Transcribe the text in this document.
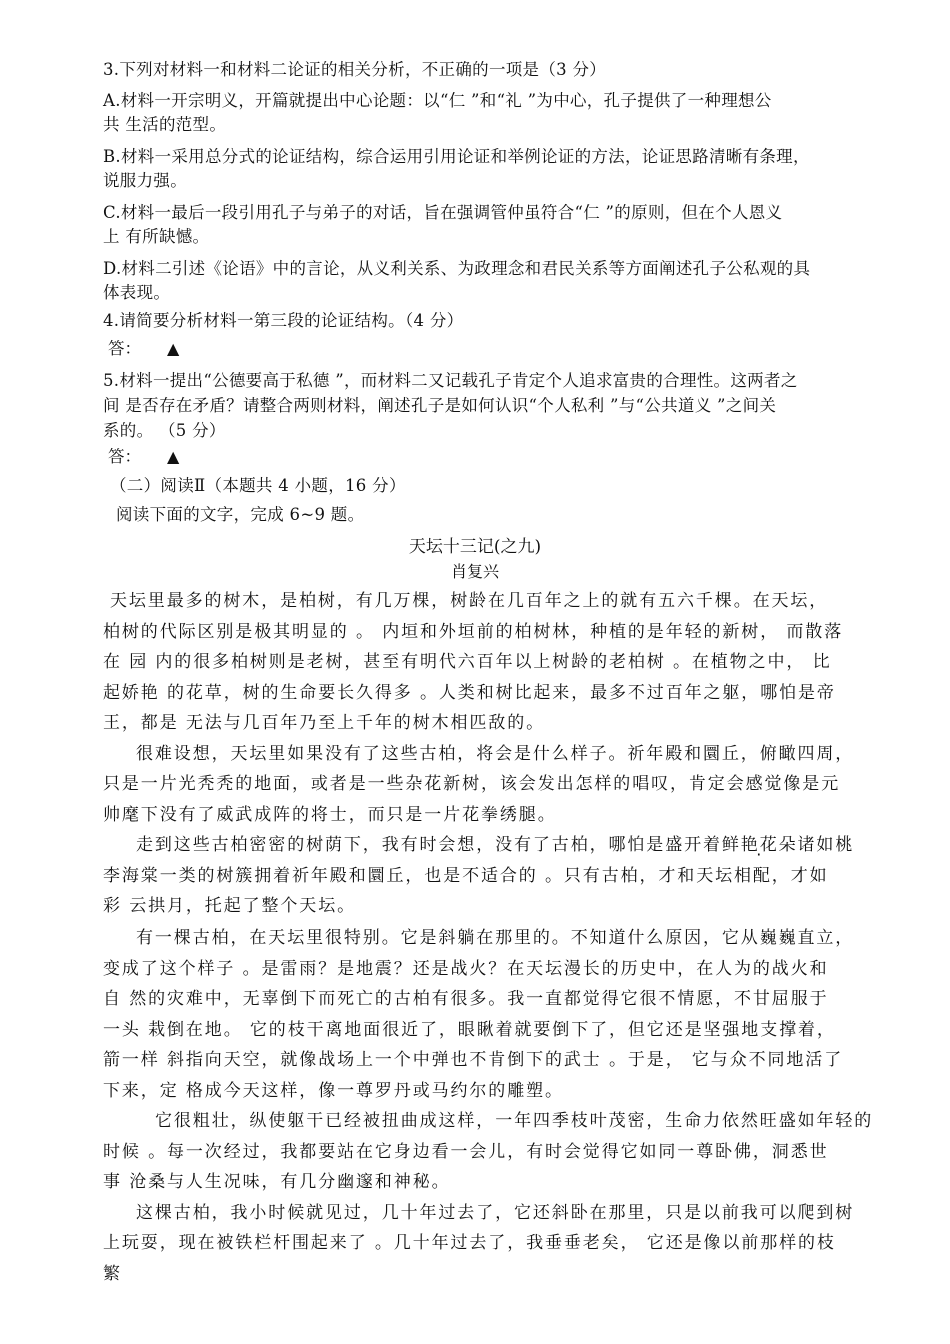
3.下列对材料一和材料二论证的相关分析，不正确的一项是（3 分）
A.材料一开宗明义，开篇就提出中心论题：以“仁 ”和“礼 ”为中心，孔子提供了一种理想公
共 生活的范型。
B.材料一采用总分式的论证结构，综合运用引用论证和举例论证的方法，论证思路清晰有条理，
说服力强。
C.材料一最后一段引用孔子与弟子的对话，旨在强调管仲虽符合“仁 ”的原则，但在个人恩义
上 有所缺憾。
D.材料二引述《论语》中的言论，从义利关系、为政理念和君民关系等方面阐述孔子公私观的具
体表现。
4.请简要分析材料一第三段的论证结构。（4 分）
答： ▲
5.材料一提出“公德要高于私德 ”，而材料二又记载孔子肯定个人追求富贵的合理性。这两者之
间 是否存在矛盾？请整合两则材料，阐述孔子是如何认识“个人私利 ”与“公共道义 ”之间关
系的。 （5 分）
答： ▲
（二）阅读Ⅱ（本题共 4 小题，16 分）
阅读下面的文字，完成 6~9 题。
天坛十三记(之九)
肖复兴
天坛里最多的树木，是柏树，有几万棵，树龄在几百年之上的就有五六千棵。在天坛，
柏树的代际区别是极其明显的 。 内垣和外垣前的柏树林，种植的是年轻的新树， 而散落
在 园 内的很多柏树则是老树，甚至有明代六百年以上树龄的老柏树 。在植物之中， 比
起娇艳 的花草，树的生命要长久得多 。人类和树比起来，最多不过百年之躯，哪怕是帝
王，都是 无法与几百年乃至上千年的树木相匹敌的。
很难设想，天坛里如果没有了这些古柏，将会是什么样子。祈年殿和圜丘，俯瞰四周，
只是一片光秃秃的地面，或者是一些杂花新树，该会发出怎样的唱叹，肯定会感觉像是元
帅麾下没有了威武成阵的将士，而只是一片花拳绣腿。
走到这些古柏密密的树荫下，我有时会想，没有了古柏，哪怕是盛开着鲜艳花朵诸如桃
李海棠一类的树簇拥着祈年殿和圜丘，也是不适合的 。只有古柏，才和天坛相配，才如
彩 云拱月，托起了整个天坛。
有一棵古柏，在天坛里很特别。它是斜躺在那里的。不知道什么原因，它从巍巍直立，
变成了这个样子 。是雷雨？是地震？还是战火？在天坛漫长的历史中，在人为的战火和
自 然的灾难中，无辜倒下而死亡的古柏有很多。我一直都觉得它很不情愿，不甘屈服于
一头 栽倒在地。 它的枝干离地面很近了，眼瞅着就要倒下了，但它还是坚强地支撑着，
箭一样 斜指向天空，就像战场上一个中弹也不肯倒下的武士 。于是， 它与众不同地活了
下来，定 格成今天这样，像一尊罗丹或马约尔的雕塑。
它很粗壮，纵使躯干已经被扭曲成这样，一年四季枝叶茂密，生命力依然旺盛如年轻的
时候 。每一次经过，我都要站在它身边看一会儿，有时会觉得它如同一尊卧佛，洞悉世
事 沧桑与人生况味，有几分幽邃和神秘。
这棵古柏，我小时候就见过，几十年过去了，它还斜卧在那里，只是以前我可以爬到树
上玩耍，现在被铁栏杆围起来了 。几十年过去了，我垂垂老矣， 它还是像以前那样的枝
繁
